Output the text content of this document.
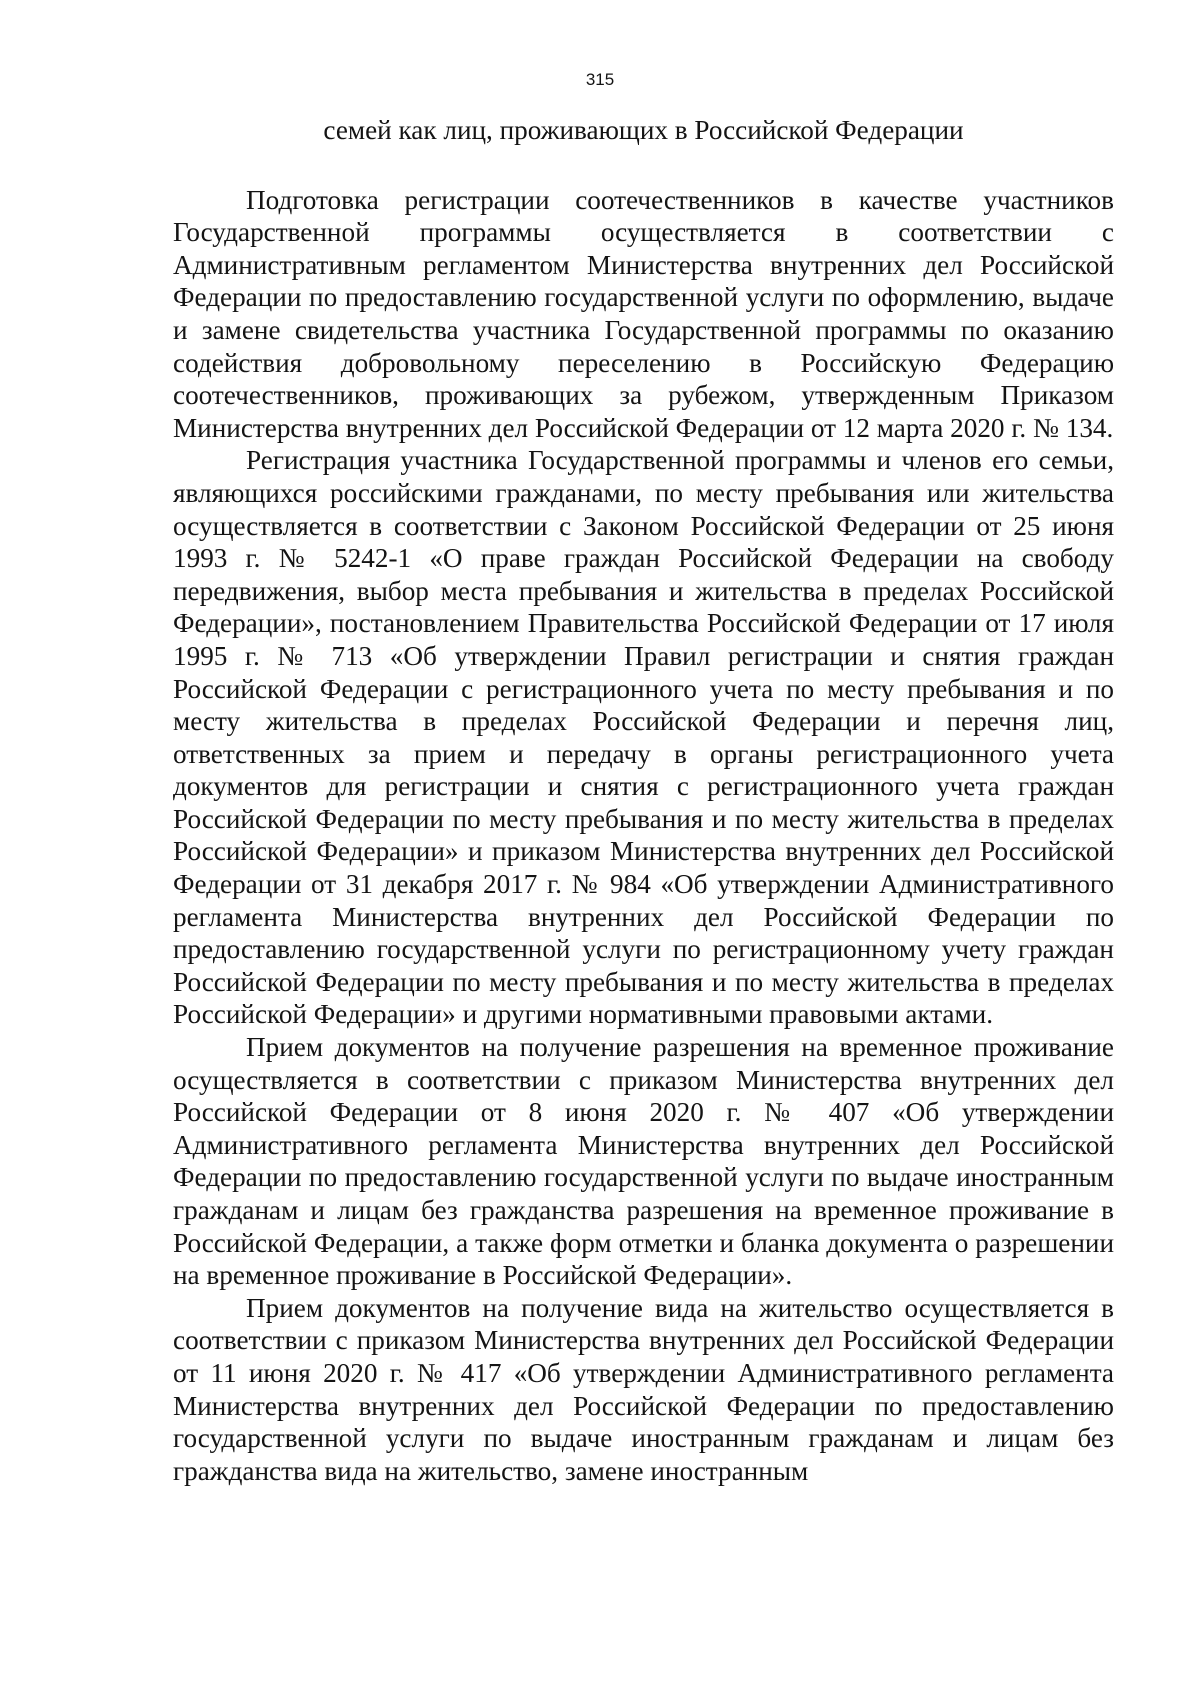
315

семей как лиц, проживающих в Российской Федерации

Подготовка регистрации соотечественников в качестве участников Государственной программы осуществляется в соответствии с Административным регламентом Министерства внутренних дел Российской Федерации по предоставлению государственной услуги по оформлению, выдаче и замене свидетельства участника Государственной программы по оказанию содействия добровольному переселению в Российскую Федерацию соотечественников, проживающих за рубежом, утвержденным Приказом Министерства внутренних дел Российской Федерации от 12 марта 2020 г. № 134.

Регистрация участника Государственной программы и членов его семьи, являющихся российскими гражданами, по месту пребывания или жительства осуществляется в соответствии с Законом Российской Федерации от 25 июня 1993 г. № 5242-1 «О праве граждан Российской Федерации на свободу передвижения, выбор места пребывания и жительства в пределах Российской Федерации», постановлением Правительства Российской Федерации от 17 июля 1995 г. № 713 «Об утверждении Правил регистрации и снятия граждан Российской Федерации с регистрационного учета по месту пребывания и по месту жительства в пределах Российской Федерации и перечня лиц, ответственных за прием и передачу в органы регистрационного учета документов для регистрации и снятия с регистрационного учета граждан Российской Федерации по месту пребывания и по месту жительства в пределах Российской Федерации» и приказом Министерства внутренних дел Российской Федерации от 31 декабря 2017 г. № 984 «Об утверждении Административного регламента Министерства внутренних дел Российской Федерации по предоставлению государственной услуги по регистрационному учету граждан Российской Федерации по месту пребывания и по месту жительства в пределах Российской Федерации» и другими нормативными правовыми актами.

Прием документов на получение разрешения на временное проживание осуществляется в соответствии с приказом Министерства внутренних дел Российской Федерации от 8 июня 2020 г. № 407 «Об утверждении Административного регламента Министерства внутренних дел Российской Федерации по предоставлению государственной услуги по выдаче иностранным гражданам и лицам без гражданства разрешения на временное проживание в Российской Федерации, а также форм отметки и бланка документа о разрешении на временное проживание в Российской Федерации».

Прием документов на получение вида на жительство осуществляется в соответствии с приказом Министерства внутренних дел Российской Федерации от 11 июня 2020 г. № 417 «Об утверждении Административного регламента Министерства внутренних дел Российской Федерации по предоставлению государственной услуги по выдаче иностранным гражданам и лицам без гражданства вида на жительство, замене иностранным
